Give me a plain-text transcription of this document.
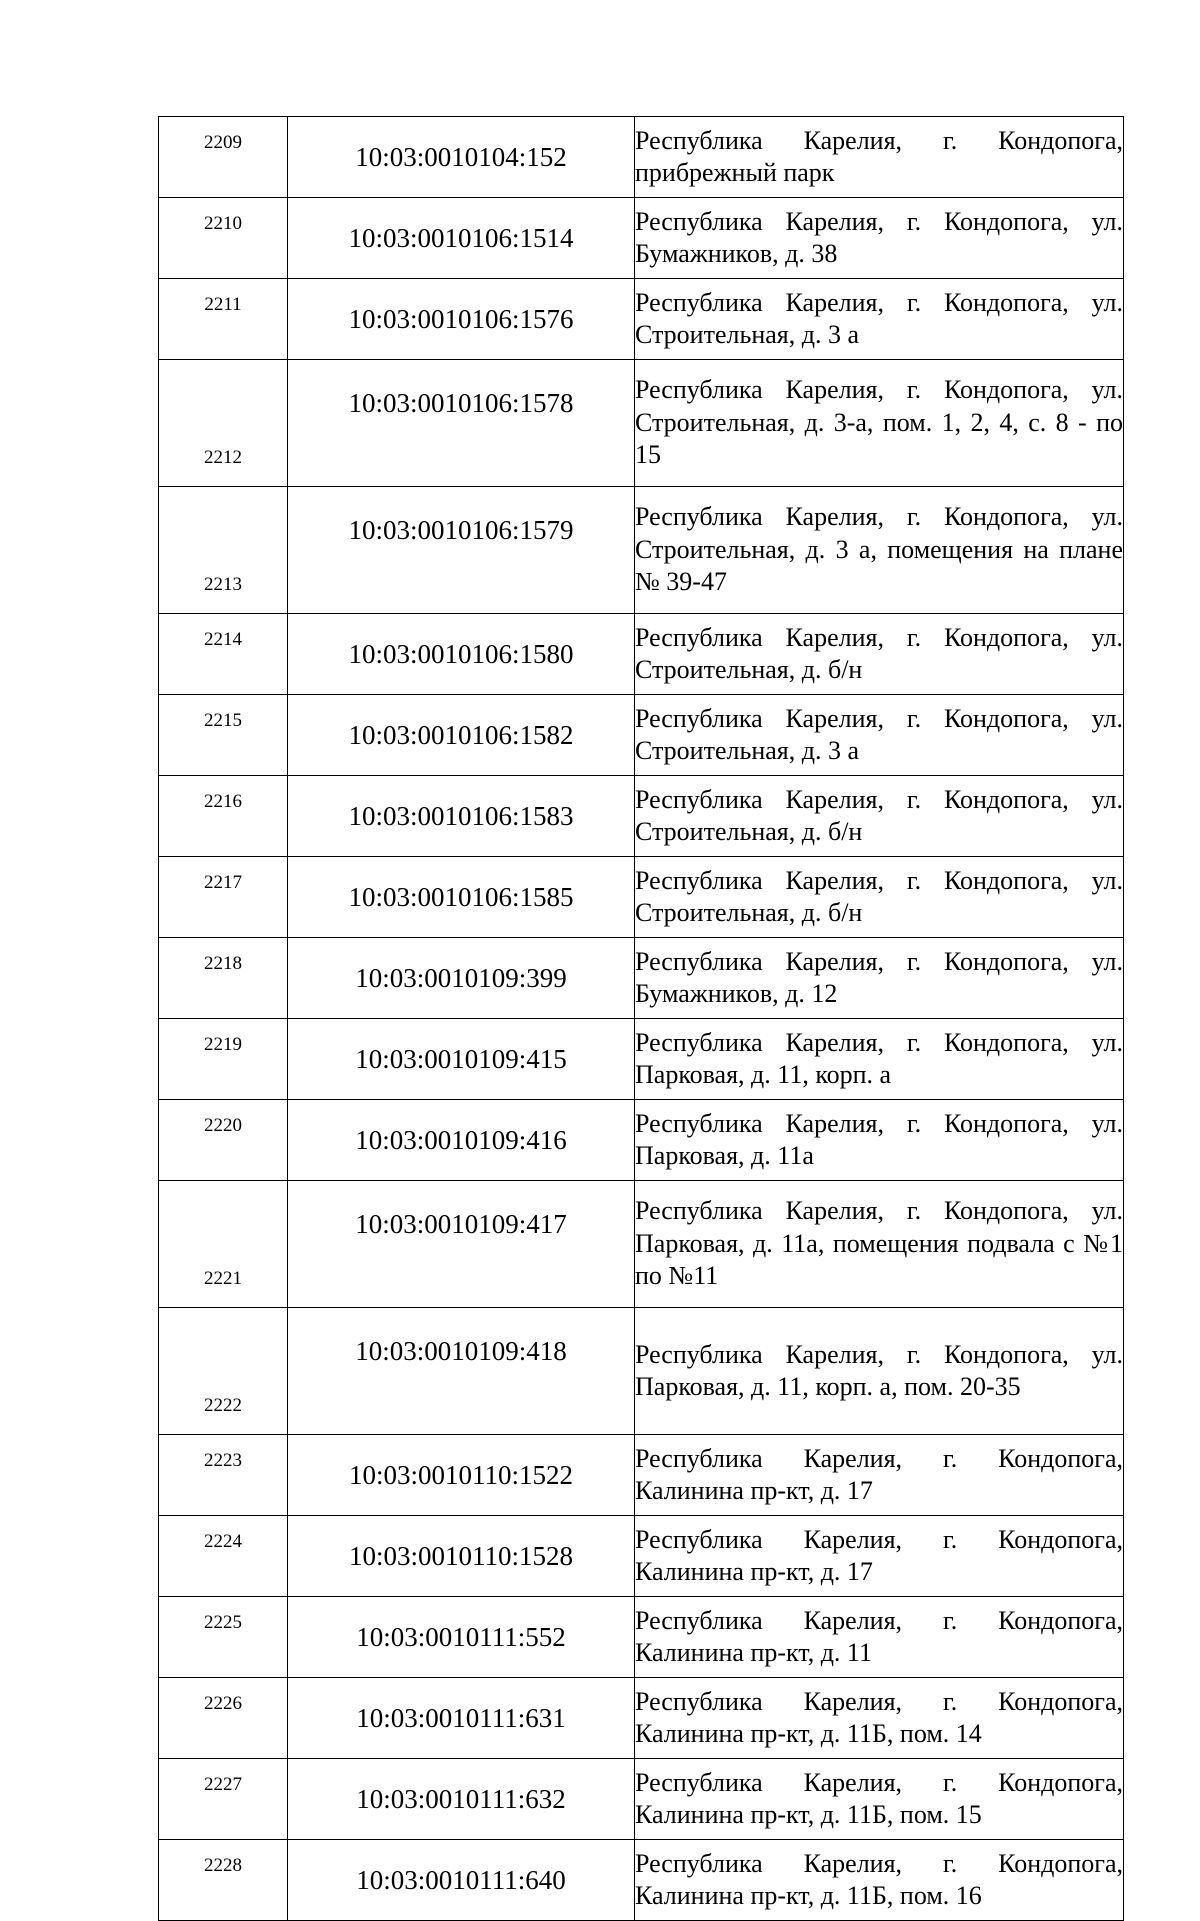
2209	10:03:0010104:152	Республика Карелия, г. Кондопога, прибрежный парк
2210	10:03:0010106:1514	Республика Карелия, г. Кондопога, ул. Бумажников, д. 38
2211	10:03:0010106:1576	Республика Карелия, г. Кондопога, ул. Строительная, д. 3 а
2212	10:03:0010106:1578	Республика Карелия, г. Кондопога, ул. Строительная, д. 3-а, пом. 1, 2, 4, с. 8 - по 15
2213	10:03:0010106:1579	Республика Карелия, г. Кондопога, ул. Строительная, д. 3 а, помещения на плане № 39-47
2214	10:03:0010106:1580	Республика Карелия, г. Кондопога, ул. Строительная, д. б/н
2215	10:03:0010106:1582	Республика Карелия, г. Кондопога, ул. Строительная, д. 3 а
2216	10:03:0010106:1583	Республика Карелия, г. Кондопога, ул. Строительная, д. б/н
2217	10:03:0010106:1585	Республика Карелия, г. Кондопога, ул. Строительная, д. б/н
2218	10:03:0010109:399	Республика Карелия, г. Кондопога, ул. Бумажников, д. 12
2219	10:03:0010109:415	Республика Карелия, г. Кондопога, ул. Парковая, д. 11, корп. а
2220	10:03:0010109:416	Республика Карелия, г. Кондопога, ул. Парковая, д. 11а
2221	10:03:0010109:417	Республика Карелия, г. Кондопога, ул. Парковая, д. 11а, помещения подвала с №1 по №11
2222	10:03:0010109:418	Республика Карелия, г. Кондопога, ул. Парковая, д. 11, корп. а, пом. 20-35
2223	10:03:0010110:1522	Республика Карелия, г. Кондопога, Калинина пр-кт, д. 17
2224	10:03:0010110:1528	Республика Карелия, г. Кондопога, Калинина пр-кт, д. 17
2225	10:03:0010111:552	Республика Карелия, г. Кондопога, Калинина пр-кт, д. 11
2226	10:03:0010111:631	Республика Карелия, г. Кондопога, Калинина пр-кт, д. 11Б, пом. 14
2227	10:03:0010111:632	Республика Карелия, г. Кондопога, Калинина пр-кт, д. 11Б, пом. 15
2228	10:03:0010111:640	Республика Карелия, г. Кондопога, Калинина пр-кт, д. 11Б, пом. 16
